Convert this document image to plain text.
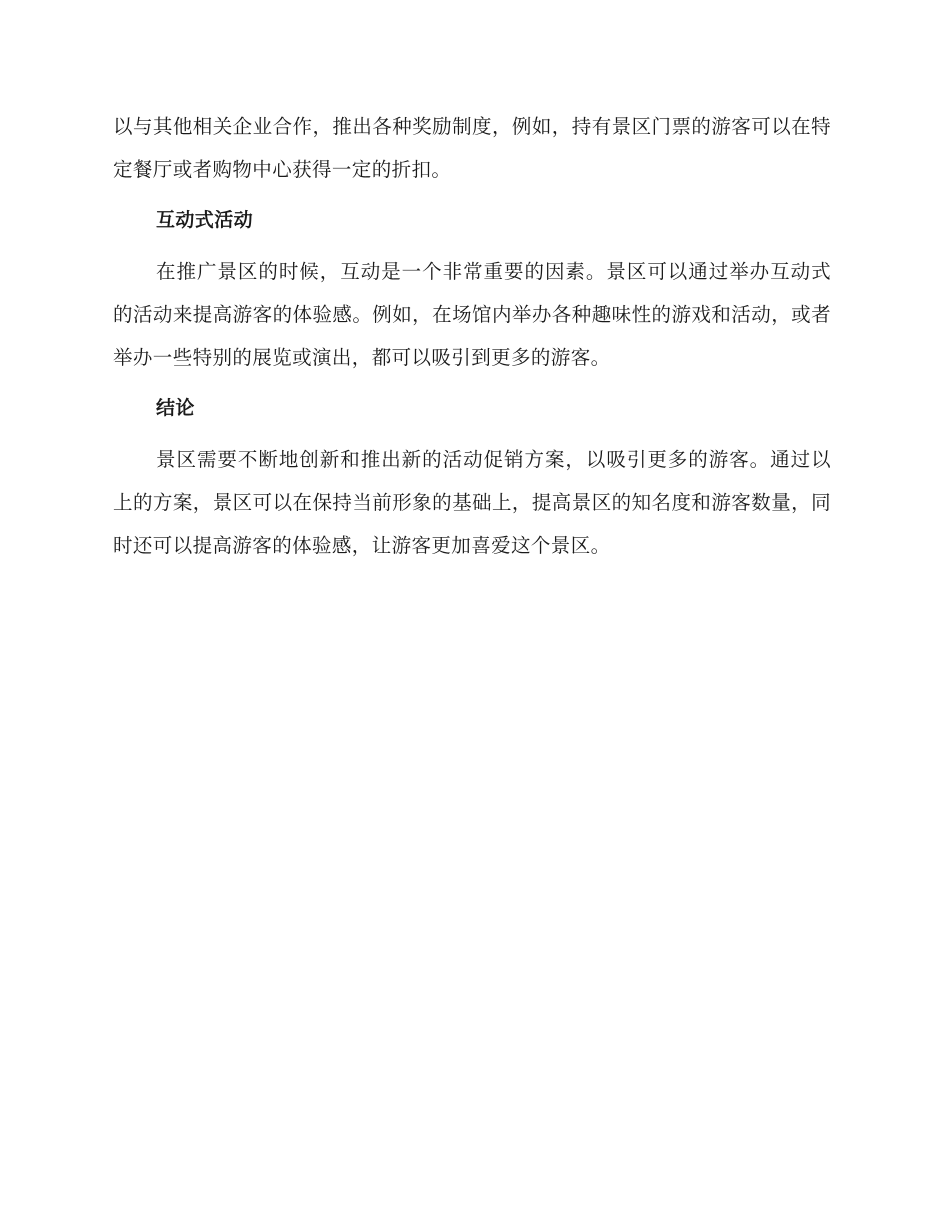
以与其他相关企业合作，推出各种奖励制度，例如，持有景区门票的游客可以在特定餐厅或者购物中心获得一定的折扣。

互动式活动

在推广景区的时候，互动是一个非常重要的因素。景区可以通过举办互动式的活动来提高游客的体验感。例如，在场馆内举办各种趣味性的游戏和活动，或者举办一些特别的展览或演出，都可以吸引到更多的游客。

结论

景区需要不断地创新和推出新的活动促销方案，以吸引更多的游客。通过以上的方案，景区可以在保持当前形象的基础上，提高景区的知名度和游客数量，同时还可以提高游客的体验感，让游客更加喜爱这个景区。
